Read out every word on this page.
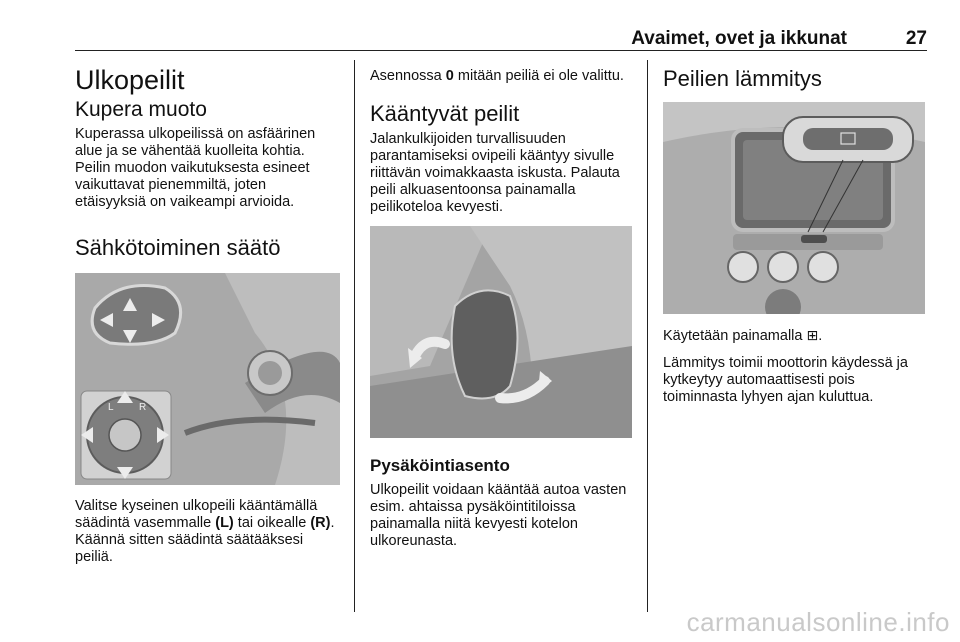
Avaimet, ovet ja ikkunat	27
Ulkopeilit
Kupera muoto

Kuperassa ulkopeilissä on asfäärinen alue ja se vähentää kuolleita kohtia. Peilin muodon vaikutuksesta esineet vaikuttavat pienemmiltä, joten etäisyyksiä on vaikeampi arvioida.

Sähkötoiminen säätö
L	R

Valitse kyseinen ulkopeili kääntämällä säädintä vasemmalle (L) tai oikealle (R). Käännä sitten säädintä säätääksesi peiliä.

Asennossa 0 mitään peiliä ei ole valittu.

Kääntyvät peilit

Jalankulkijoiden turvallisuuden parantamiseksi ovipeili kääntyy sivulle riittävän voimakkaasta iskusta. Palauta peili alkuasentoonsa painamalla peilikoteloa kevyesti.

Pysäköintiasento

Ulkopeilit voidaan kääntää autoa vasten esim. ahtaissa pysäköintitiloissa painamalla niitä kevyesti kotelon ulkoreunasta.

Peilien lämmitys

Käytetään painamalla ⊞.

Lämmitys toimii moottorin käydessä ja kytkeytyy automaattisesti pois toiminnasta lyhyen ajan kuluttua.

carmanualsonline.info
